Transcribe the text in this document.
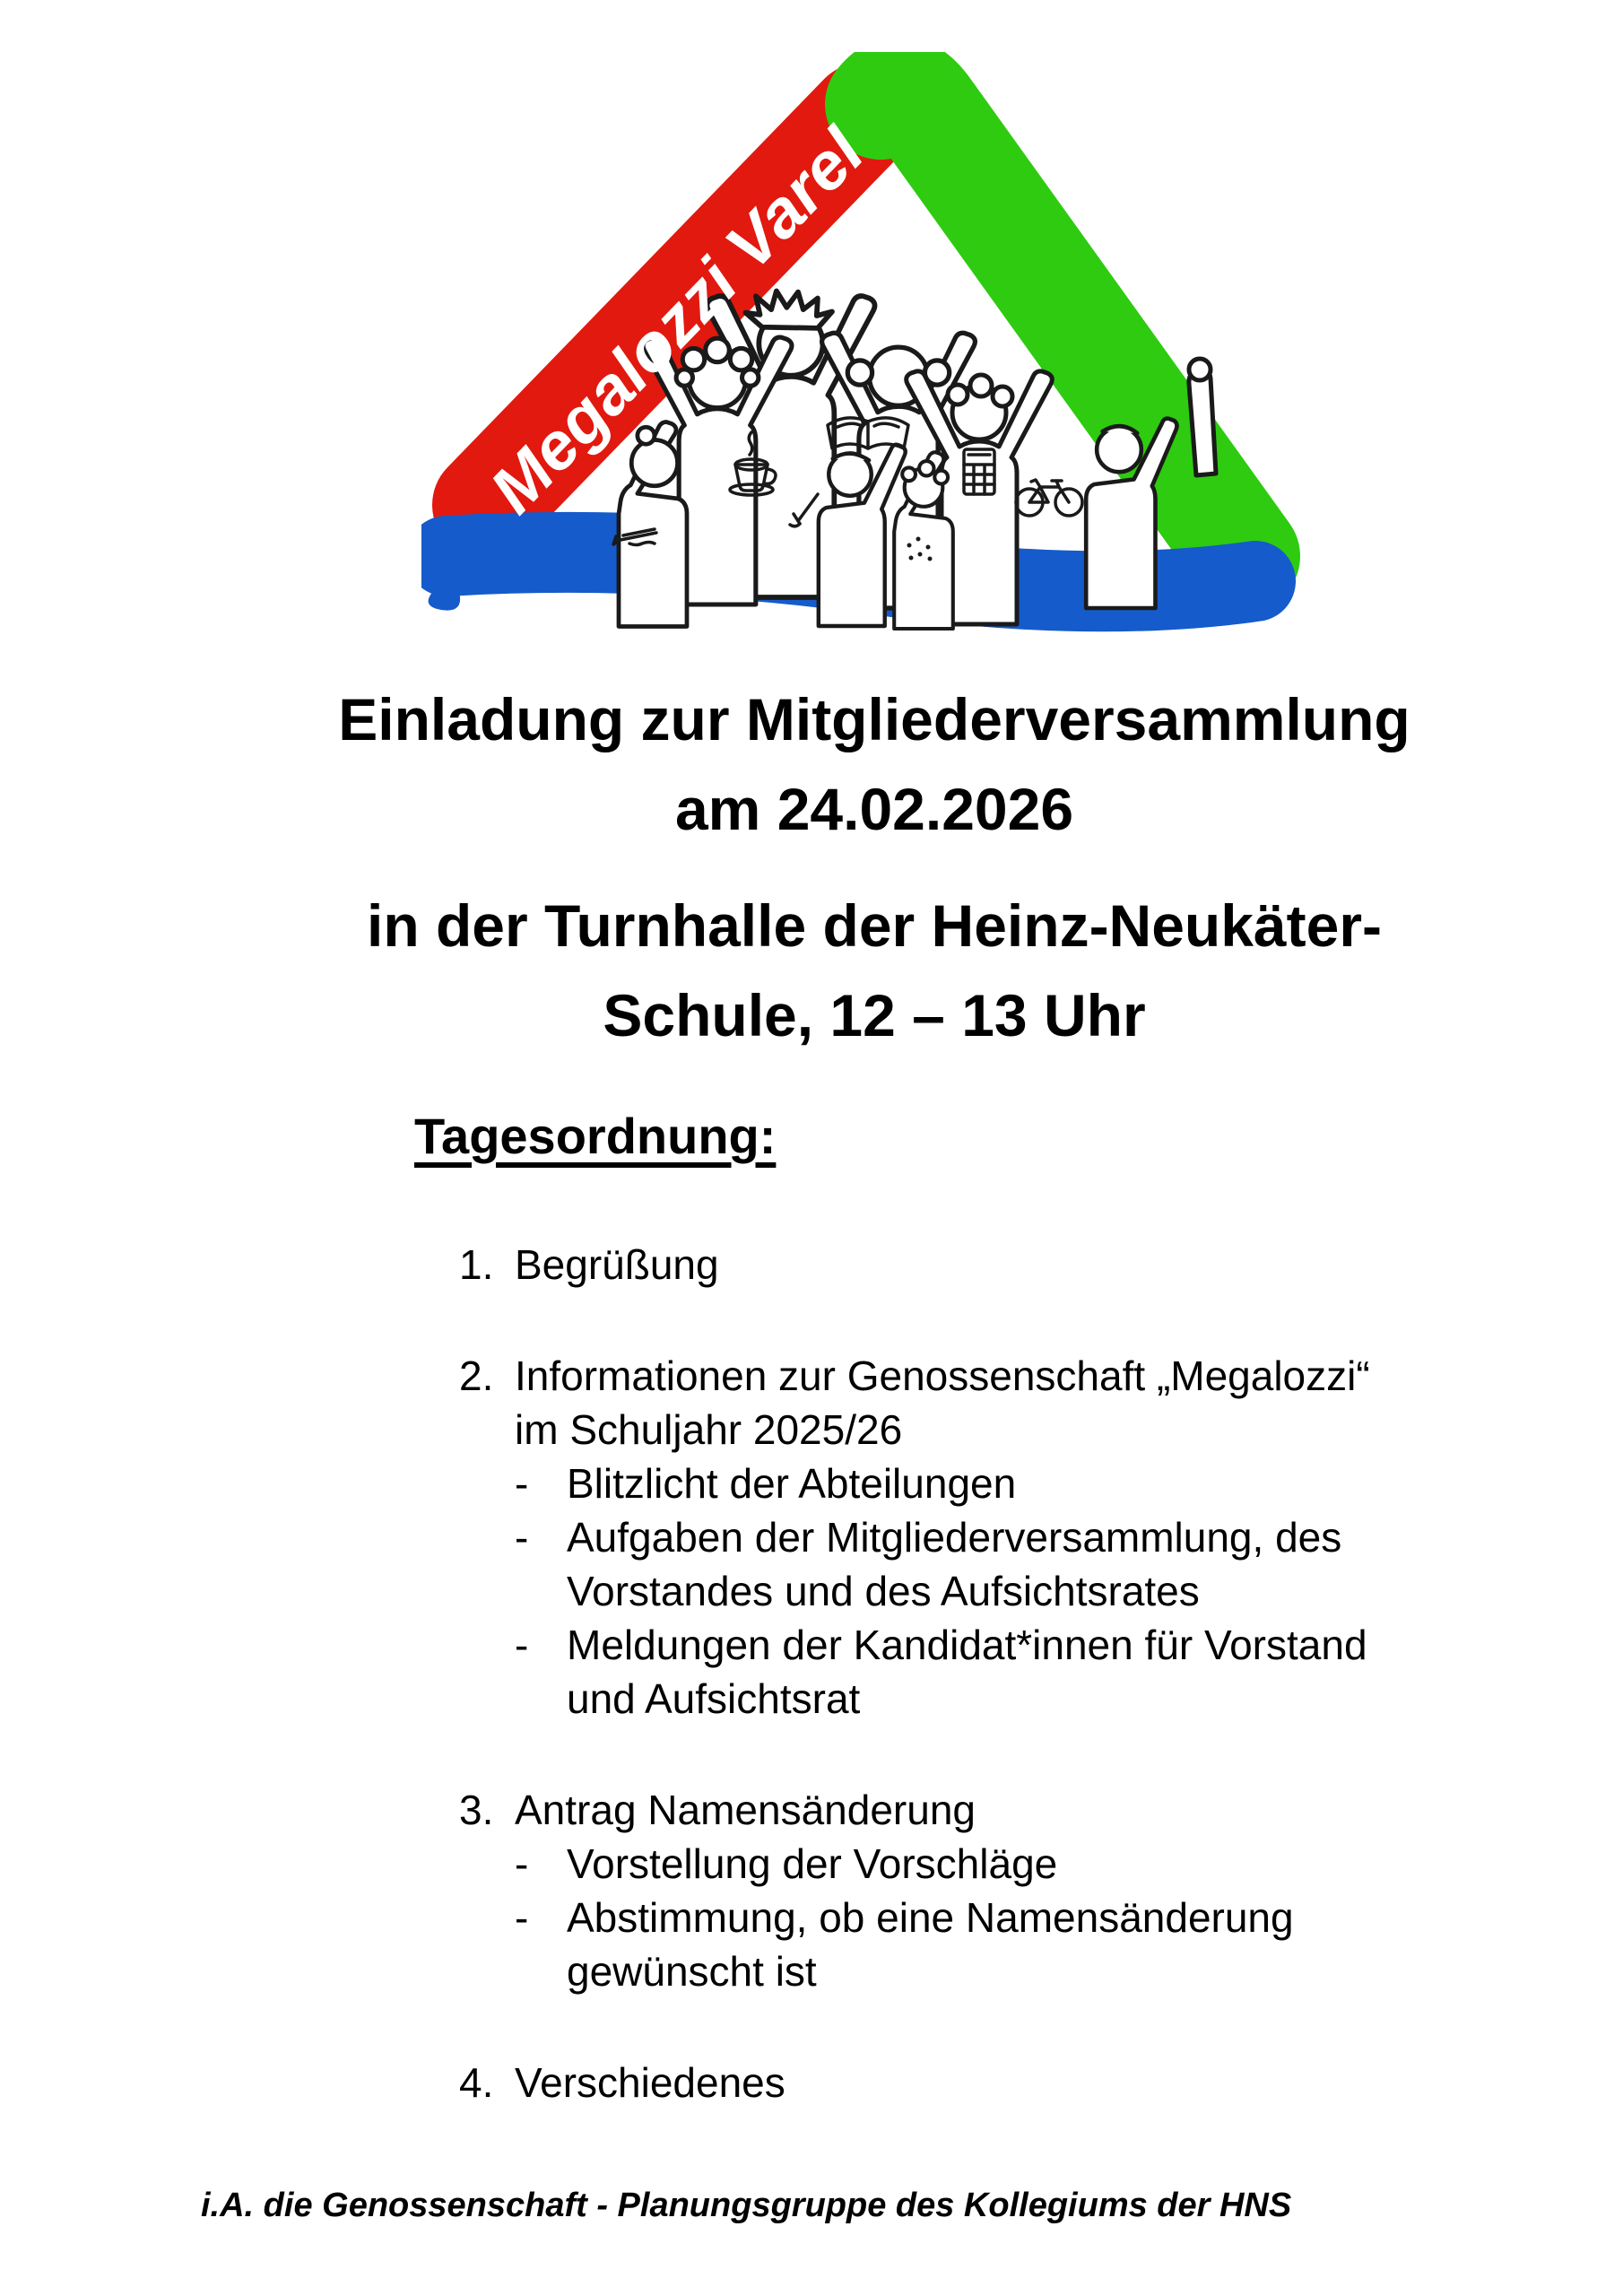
Megalozzi Varel
Einladung zur Mitgliederversammlung
am 24.02.2026
in der Turnhalle der Heinz-Neukäter-
Schule, 12 – 13 Uhr
Tagesordnung:
1. Begrüßung
2. Informationen zur Genossenschaft „Megalozzi“
im Schuljahr 2025/26
- Blitzlicht der Abteilungen
- Aufgaben der Mitgliederversammlung, des
Vorstandes und des Aufsichtsrates
- Meldungen der Kandidat*innen für Vorstand
und Aufsichtsrat
3. Antrag Namensänderung
- Vorstellung der Vorschläge
- Abstimmung, ob eine Namensänderung
gewünscht ist
4. Verschiedenes
i.A. die Genossenschaft - Planungsgruppe des Kollegiums der HNS
